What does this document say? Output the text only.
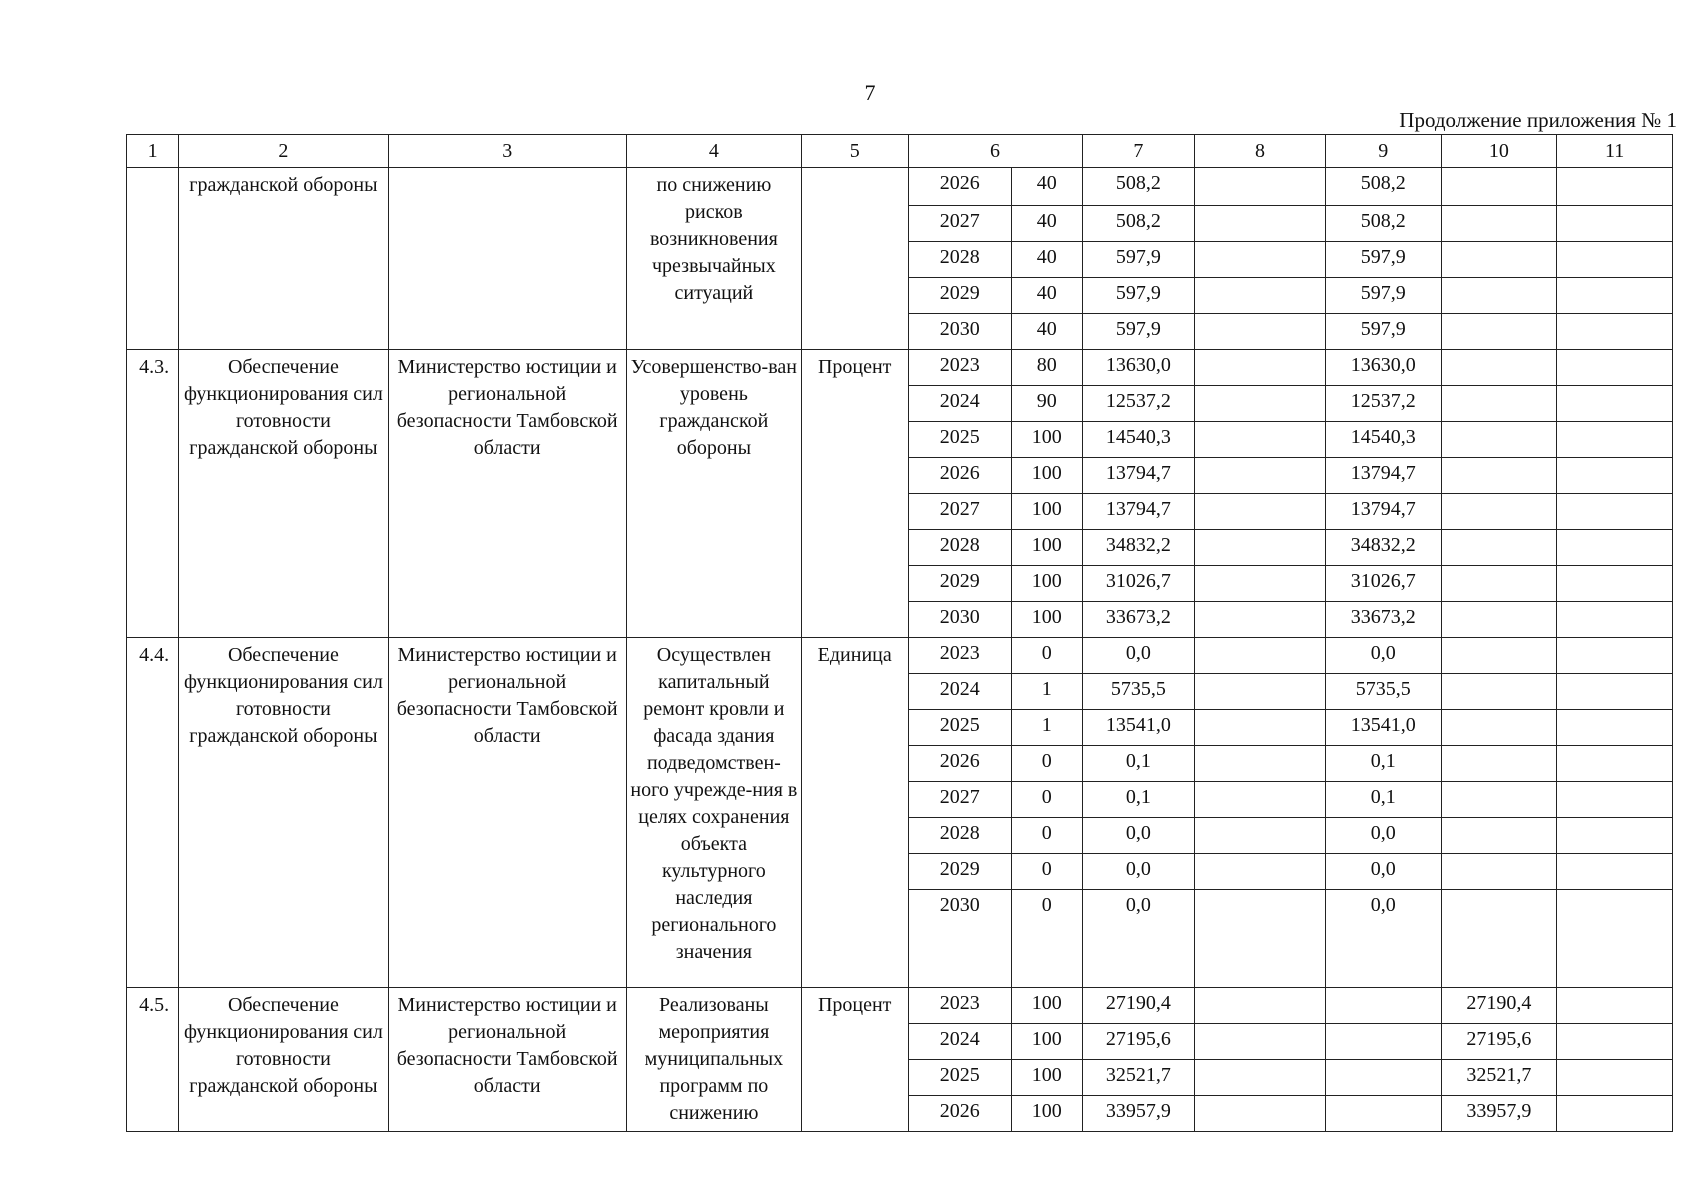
7
Продолжение приложения № 1
1	2	3	4	5	6		7	8	9	10	11
	гражданской обороны		по снижению рисков возникновения чрезвычайных ситуаций		2026	40	508,2		508,2		
					2027	40	508,2		508,2		
					2028	40	597,9		597,9		
					2029	40	597,9		597,9		
					2030	40	597,9		597,9		
4.3.	Обеспечение функционирования сил готовности гражданской обороны	Министерство юстиции и региональной безопасности Тамбовской области	Усовершенство-ван уровень гражданской обороны	Процент	2023	80	13630,0		13630,0		
					2024	90	12537,2		12537,2		
					2025	100	14540,3		14540,3		
					2026	100	13794,7		13794,7		
					2027	100	13794,7		13794,7		
					2028	100	34832,2		34832,2		
					2029	100	31026,7		31026,7		
					2030	100	33673,2		33673,2		
4.4.	Обеспечение функционирования сил готовности гражданской обороны	Министерство юстиции и региональной безопасности Тамбовской области	Осуществлен капитальный ремонт кровли и фасада здания подведомствен-ного учрежде-ния в целях сохранения объекта культурного наследия регионального значения	Единица	2023	0	0,0		0,0		
					2024	1	5735,5		5735,5		
					2025	1	13541,0		13541,0		
					2026	0	0,1		0,1		
					2027	0	0,1		0,1		
					2028	0	0,0		0,0		
					2029	0	0,0		0,0		
					2030	0	0,0		0,0		
4.5.	Обеспечение функционирования сил готовности гражданской обороны	Министерство юстиции и региональной безопасности Тамбовской области	Реализованы мероприятия муниципальных программ по снижению	Процент	2023	100	27190,4			27190,4	
					2024	100	27195,6			27195,6	
					2025	100	32521,7			32521,7	
					2026	100	33957,9			33957,9	
